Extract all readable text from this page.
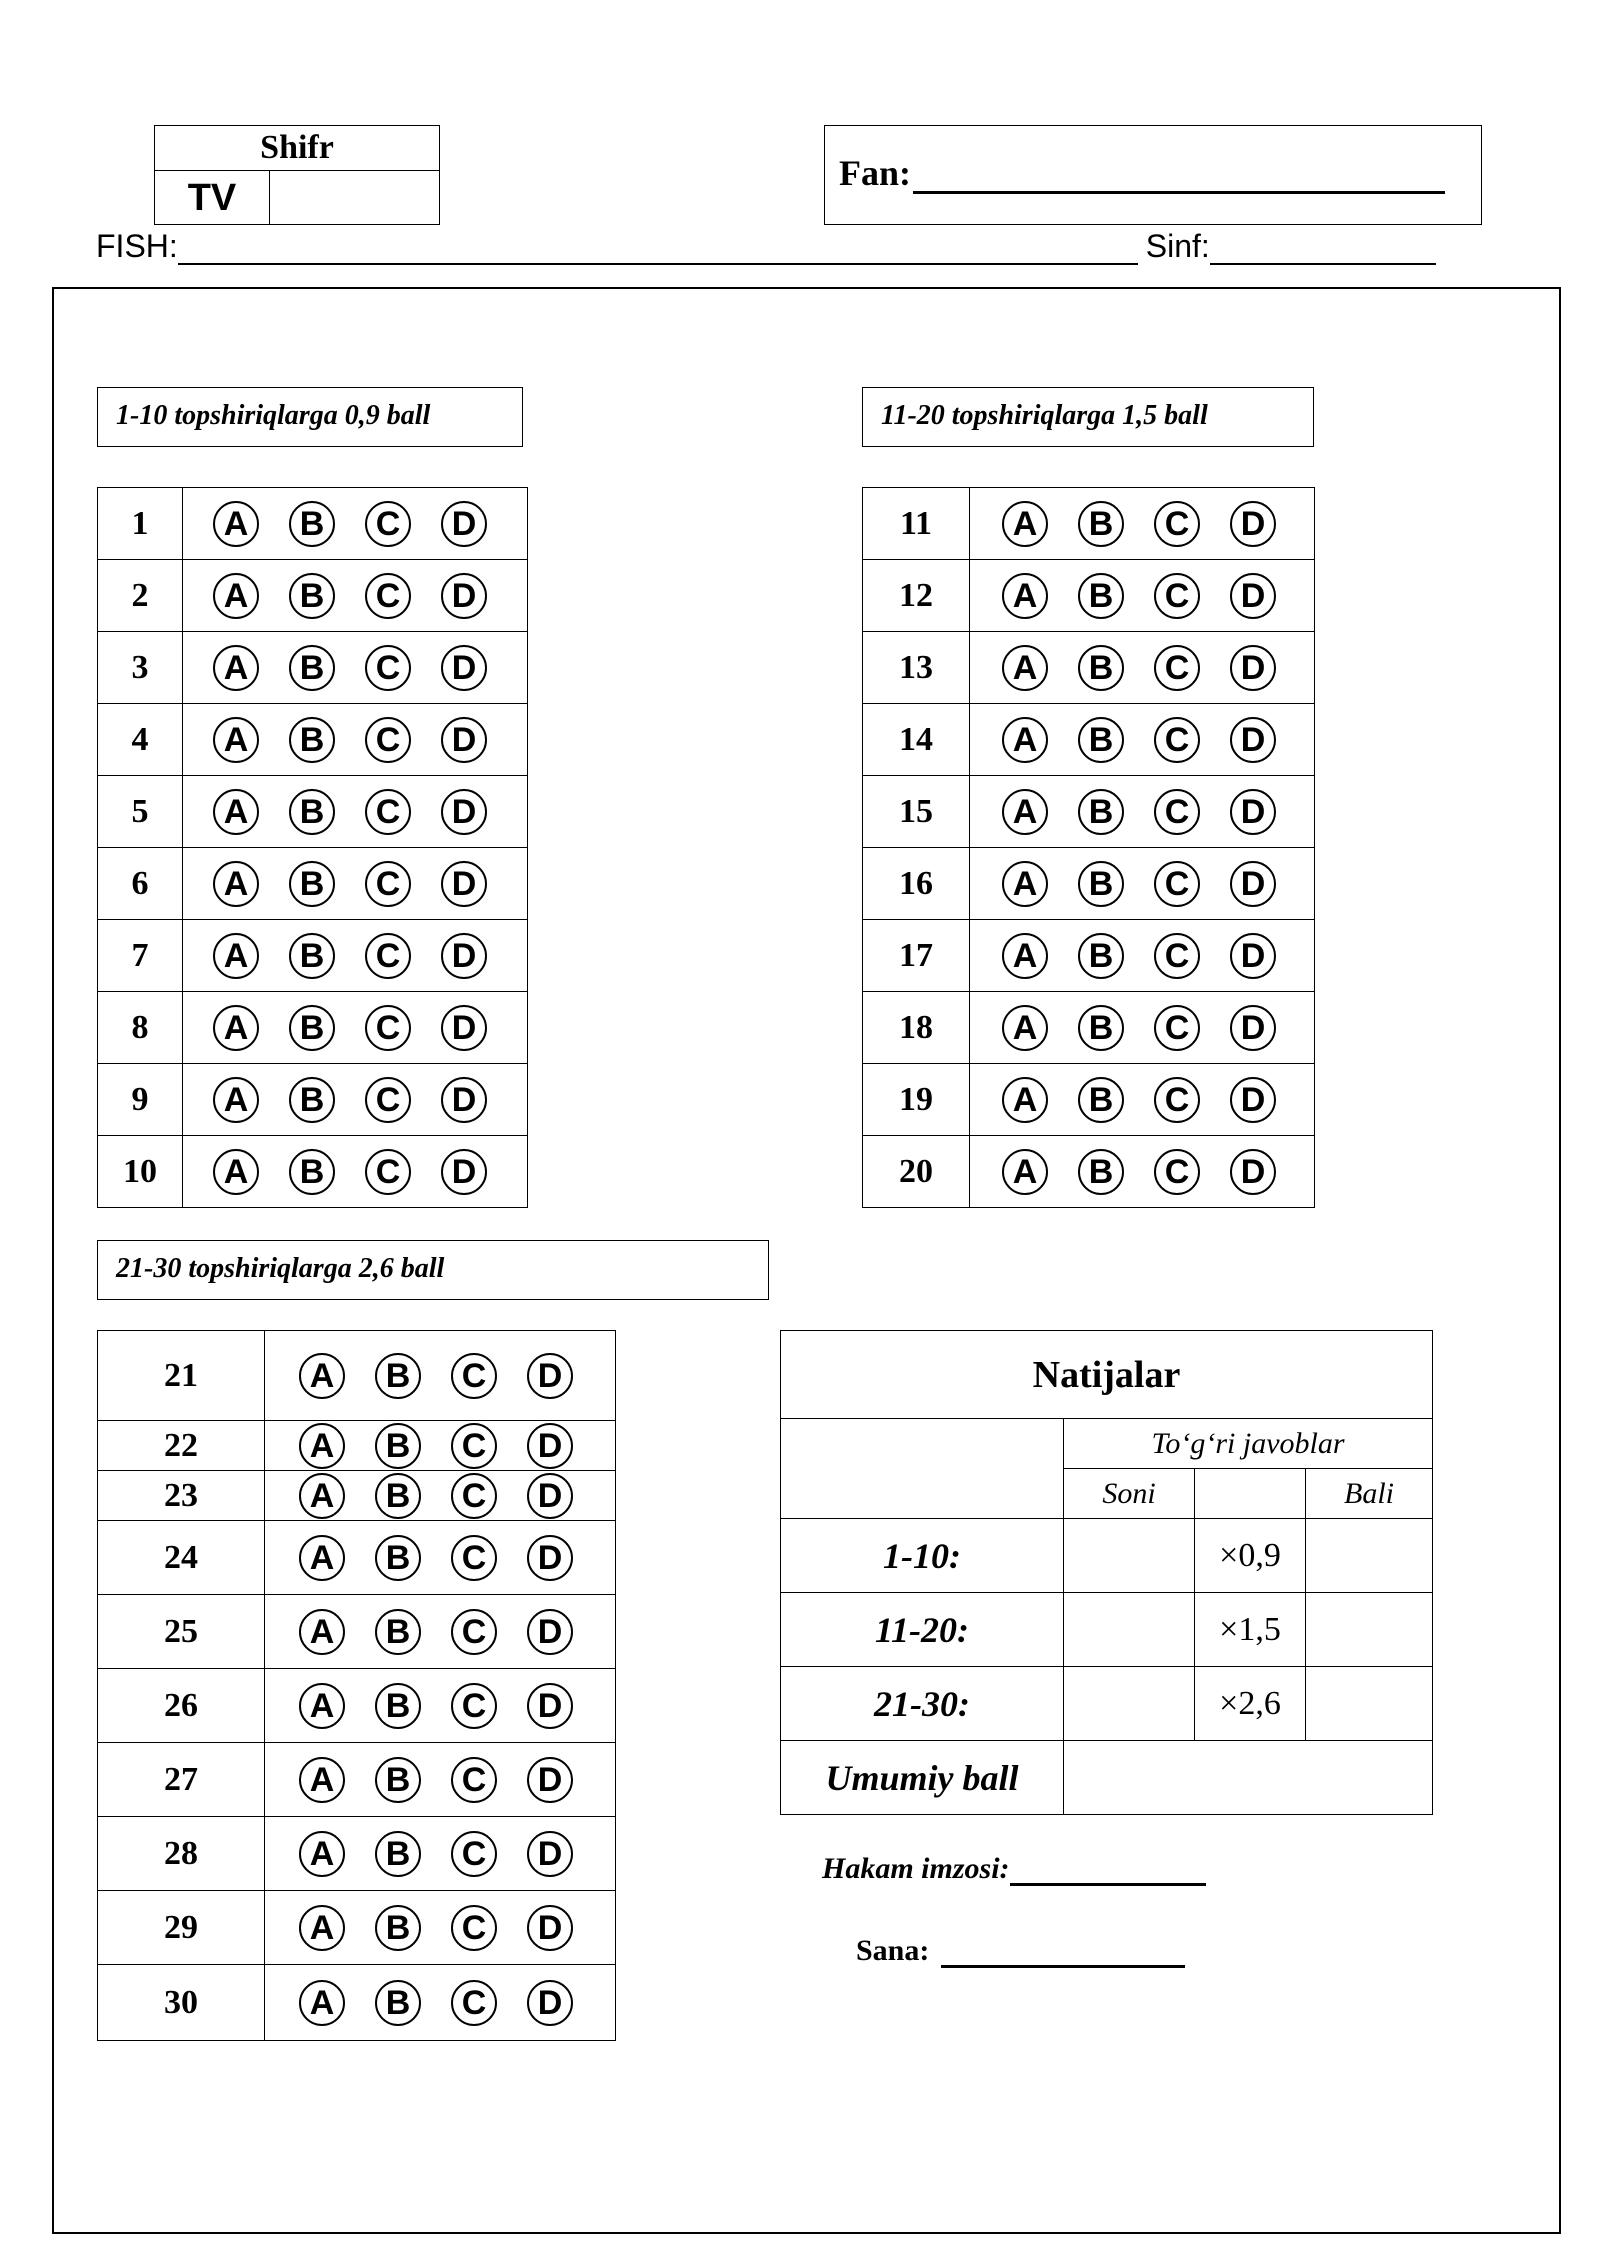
Shifr
TV
Fan:
FISH:	Sinf:
1-10 topshiriqlarga 0,9 ball	11-20 topshiriqlarga 1,5 ball
21-30 topshiriqlarga 2,6 ball
1	A B C D

2	A B C D

3	A B C D

4	A B C D

5	A B C D

6	A B C D

7	A B C D

8	A B C D

9	A B C D

10	A B C D
11	A B C D

12	A B C D

13	A B C D

14	A B C D

15	A B C D

16	A B C D

17	A B C D

18	A B C D

19	A B C D

20	A B C D
21	A B C D

22	A B C D

23	A B C D

24	A B C D

25	A B C D

26	A B C D

27	A B C D

28	A B C D

29	A B C D

30	A B C D
Natijalar			
	To‘g‘ri javoblar		
	Soni		Bali
1-10:		×0,9	
11-20:		×1,5	
21-30:		×2,6	
Umumiy ball			
Hakam imzosi:
Sana:
